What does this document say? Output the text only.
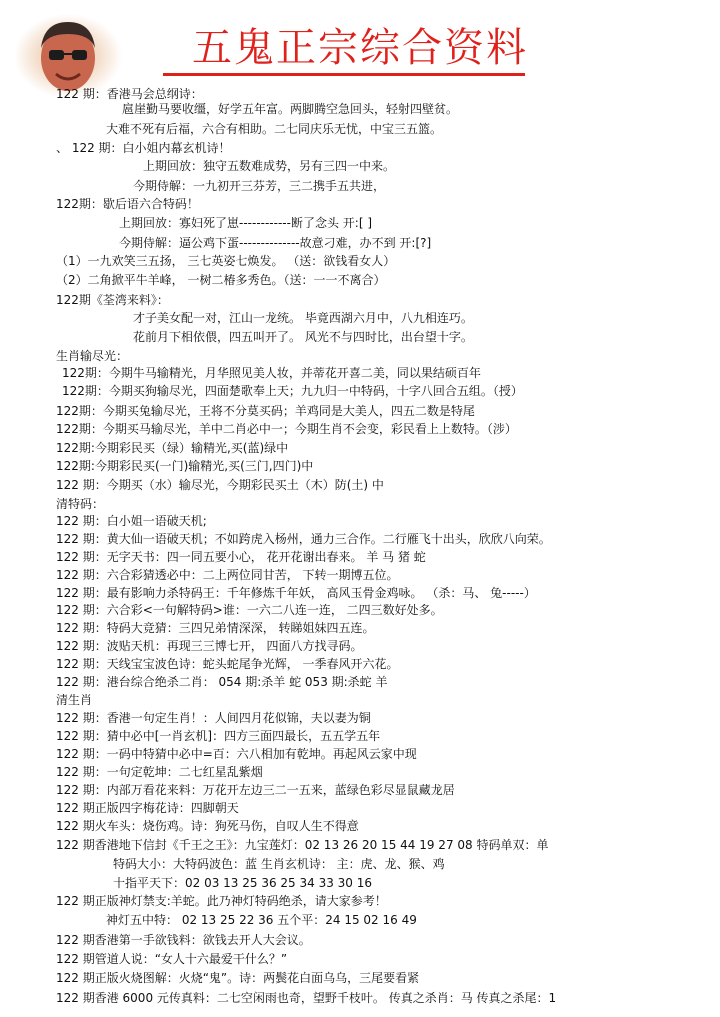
五鬼正宗综合资料
122 期：香港马会总纲诗：
扈崖勤马要收缰，好学五年富。两脚腾空急回头，轻射四壁贫。
大难不死有后福，六合有相助。二七同庆乐无忧，中宝三五篮。
、 122 期：白小姐内幕玄机诗！
上期回放：独守五数难成势，另有三四一中来。
今期侍解：一九初开三芬芳，三二携手五共进，
122期：歇后语六合特码！
上期回放：寡妇死了崽------------断了念头 开:[ ]
今期侍解：逼公鸡下蛋--------------故意刁难，办不到 开:[?]
（1）一九欢笑三五扬， 三七英姿七焕发。 （送：欲钱看女人）
（2）二角掀平牛羊峰， 一树二椿多秀色。（送：一一不离合）
122期《荃湾来料》：
才子美女配一对，江山一龙统。 毕竟西湖六月中，八九相连巧。
花前月下相依偎，四五叫开了。 风光不与四时比，出台望十字。
生肖输尽光：
122期：今期牛马输精光，月华照见美人妆，并蒂花开喜二美，同以果结硕百年
122期：今期买狗输尽光，四面楚歌奉上天；九九归一中特码，十字八回合五组。（授）
122期：今期买兔输尽光，王将不分莫买码；羊鸡同是大美人，四五二数是特尾
122期：今期买马输尽光，羊中二肖必中一；今期生肖不会变，彩民看上上数特。（涉）
122期:今期彩民买（绿）输精光,买(蓝)绿中
122期:今期彩民买(一门)输精光,买(三门,四门)中
122 期：今期买（水）输尽光，今期彩民买土（木）防(土) 中
清特码：
122 期：白小姐一语破天机;
122 期：黄大仙一语破天机；不如跨虎入杨州，通力三合作。二行雁飞十出头，欣欣八向荣。
122 期：无字天书：四一同五要小心， 花开花谢出春来。 羊 马 猪 蛇
122 期：六合彩猜透必中：二上两位同甘苦， 下转一期博五位。
122 期：最有影响力杀特码王：千年修炼千年妖， 高风玉骨金鸡咏。 （杀：马、 兔-----）
122 期：六合彩<一句解特码>谁：一六二八连一连， 二四三数好处多。
122 期：特码大竞猜：三四兄弟情深深， 转睇姐妹四五连。
122 期：波贴天机：再现三三博七开， 四面八方找寻码。
122 期：天线宝宝波色诗：蛇头蛇尾争光辉， 一季春风开六花。
122 期：港台综合绝杀二肖： 054 期:杀羊 蛇 053 期:杀蛇 羊
清生肖
122 期：香港一句定生肖！：人间四月花似锦，夫以妻为铜
122 期：猜中必中[一肖玄机]：四方三面四最长，五五学五年
122 期：一码中特猜中必中=百：六八相加有乾坤。再起风云家中现
122 期：一句定乾坤：二七红星乱紫烟
122 期：内部万看花来料：万花开左边三二一五来，蓝绿色彩尽显鼠藏龙居
122 期正版四字梅花诗：四脚朝天
122 期火车头：烧伤鸡。诗：狗死马伤，自叹人生不得意
122 期香港地下信封《千王之王》：九宝莲灯：02 13 26 20 15 44 19 27 08 特码单双：单
特码大小：大特码波色：蓝 生肖玄机诗： 主：虎、龙、猴、鸡
十指平天下：02 03 13 25 36 25 34 33 30 16
122 期正版神灯禁支:羊蛇。此乃神灯特码绝杀，请大家参考！
神灯五中特： 02 13 25 22 36 五个平：24 15 02 16 49
122 期香港第一手欲钱料：欲钱去开人大会议。
122 期管道人说：“女人十六最爱干什么？”
122 期正版火烧图解：火烧“鬼”。诗：两鬓花白面乌乌，三尾要看紧
122 期香港 6000 元传真料：二七空闲雨也奇，望野千枝叶。 传真之杀肖：马 传真之杀尾：1
